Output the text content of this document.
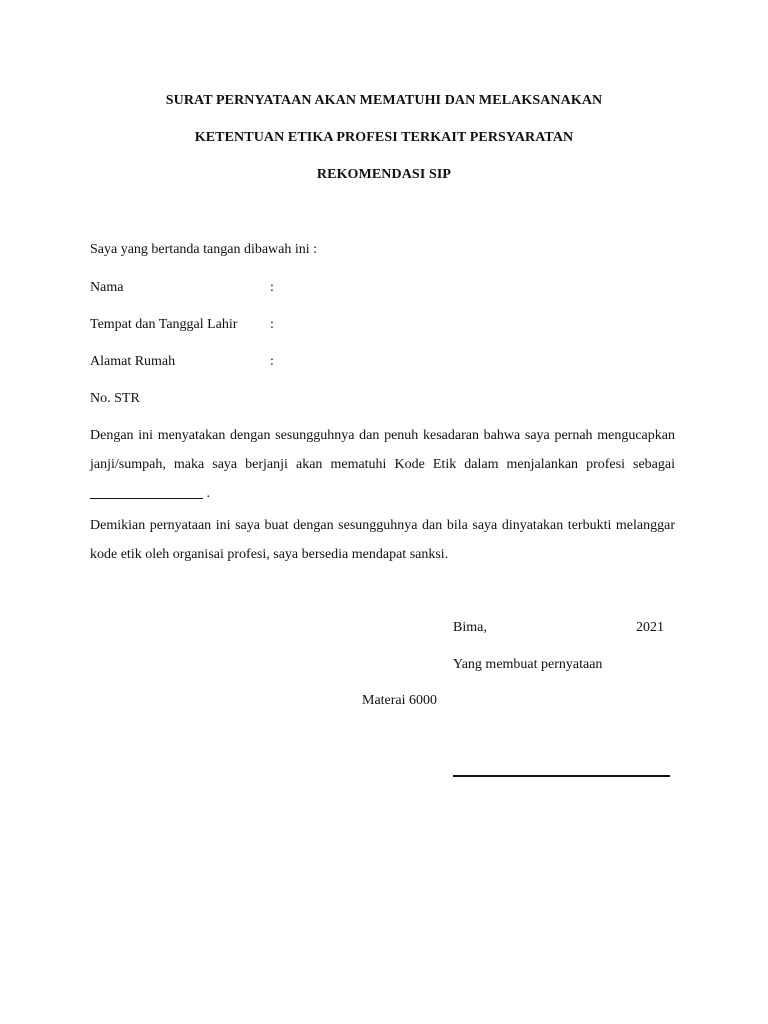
SURAT PERNYATAAN AKAN MEMATUHI DAN MELAKSANAKAN
KETENTUAN ETIKA PROFESI TERKAIT PERSYARATAN
REKOMENDASI SIP
Saya yang bertanda tangan dibawah ini :
Nama	:
Tempat dan Tanggal Lahir :
Alamat Rumah	:
No. STR
Dengan ini menyatakan dengan sesungguhnya dan penuh kesadaran bahwa saya pernah mengucapkan janji/sumpah, maka saya berjanji akan mematuhi Kode Etik dalam menjalankan profesi sebagai  .
Demikian pernyataan ini saya buat dengan sesungguhnya dan bila saya dinyatakan terbukti melanggar kode etik oleh organisai profesi, saya bersedia mendapat sanksi.
Bima,	2021
Yang membuat pernyataan
Materai 6000
